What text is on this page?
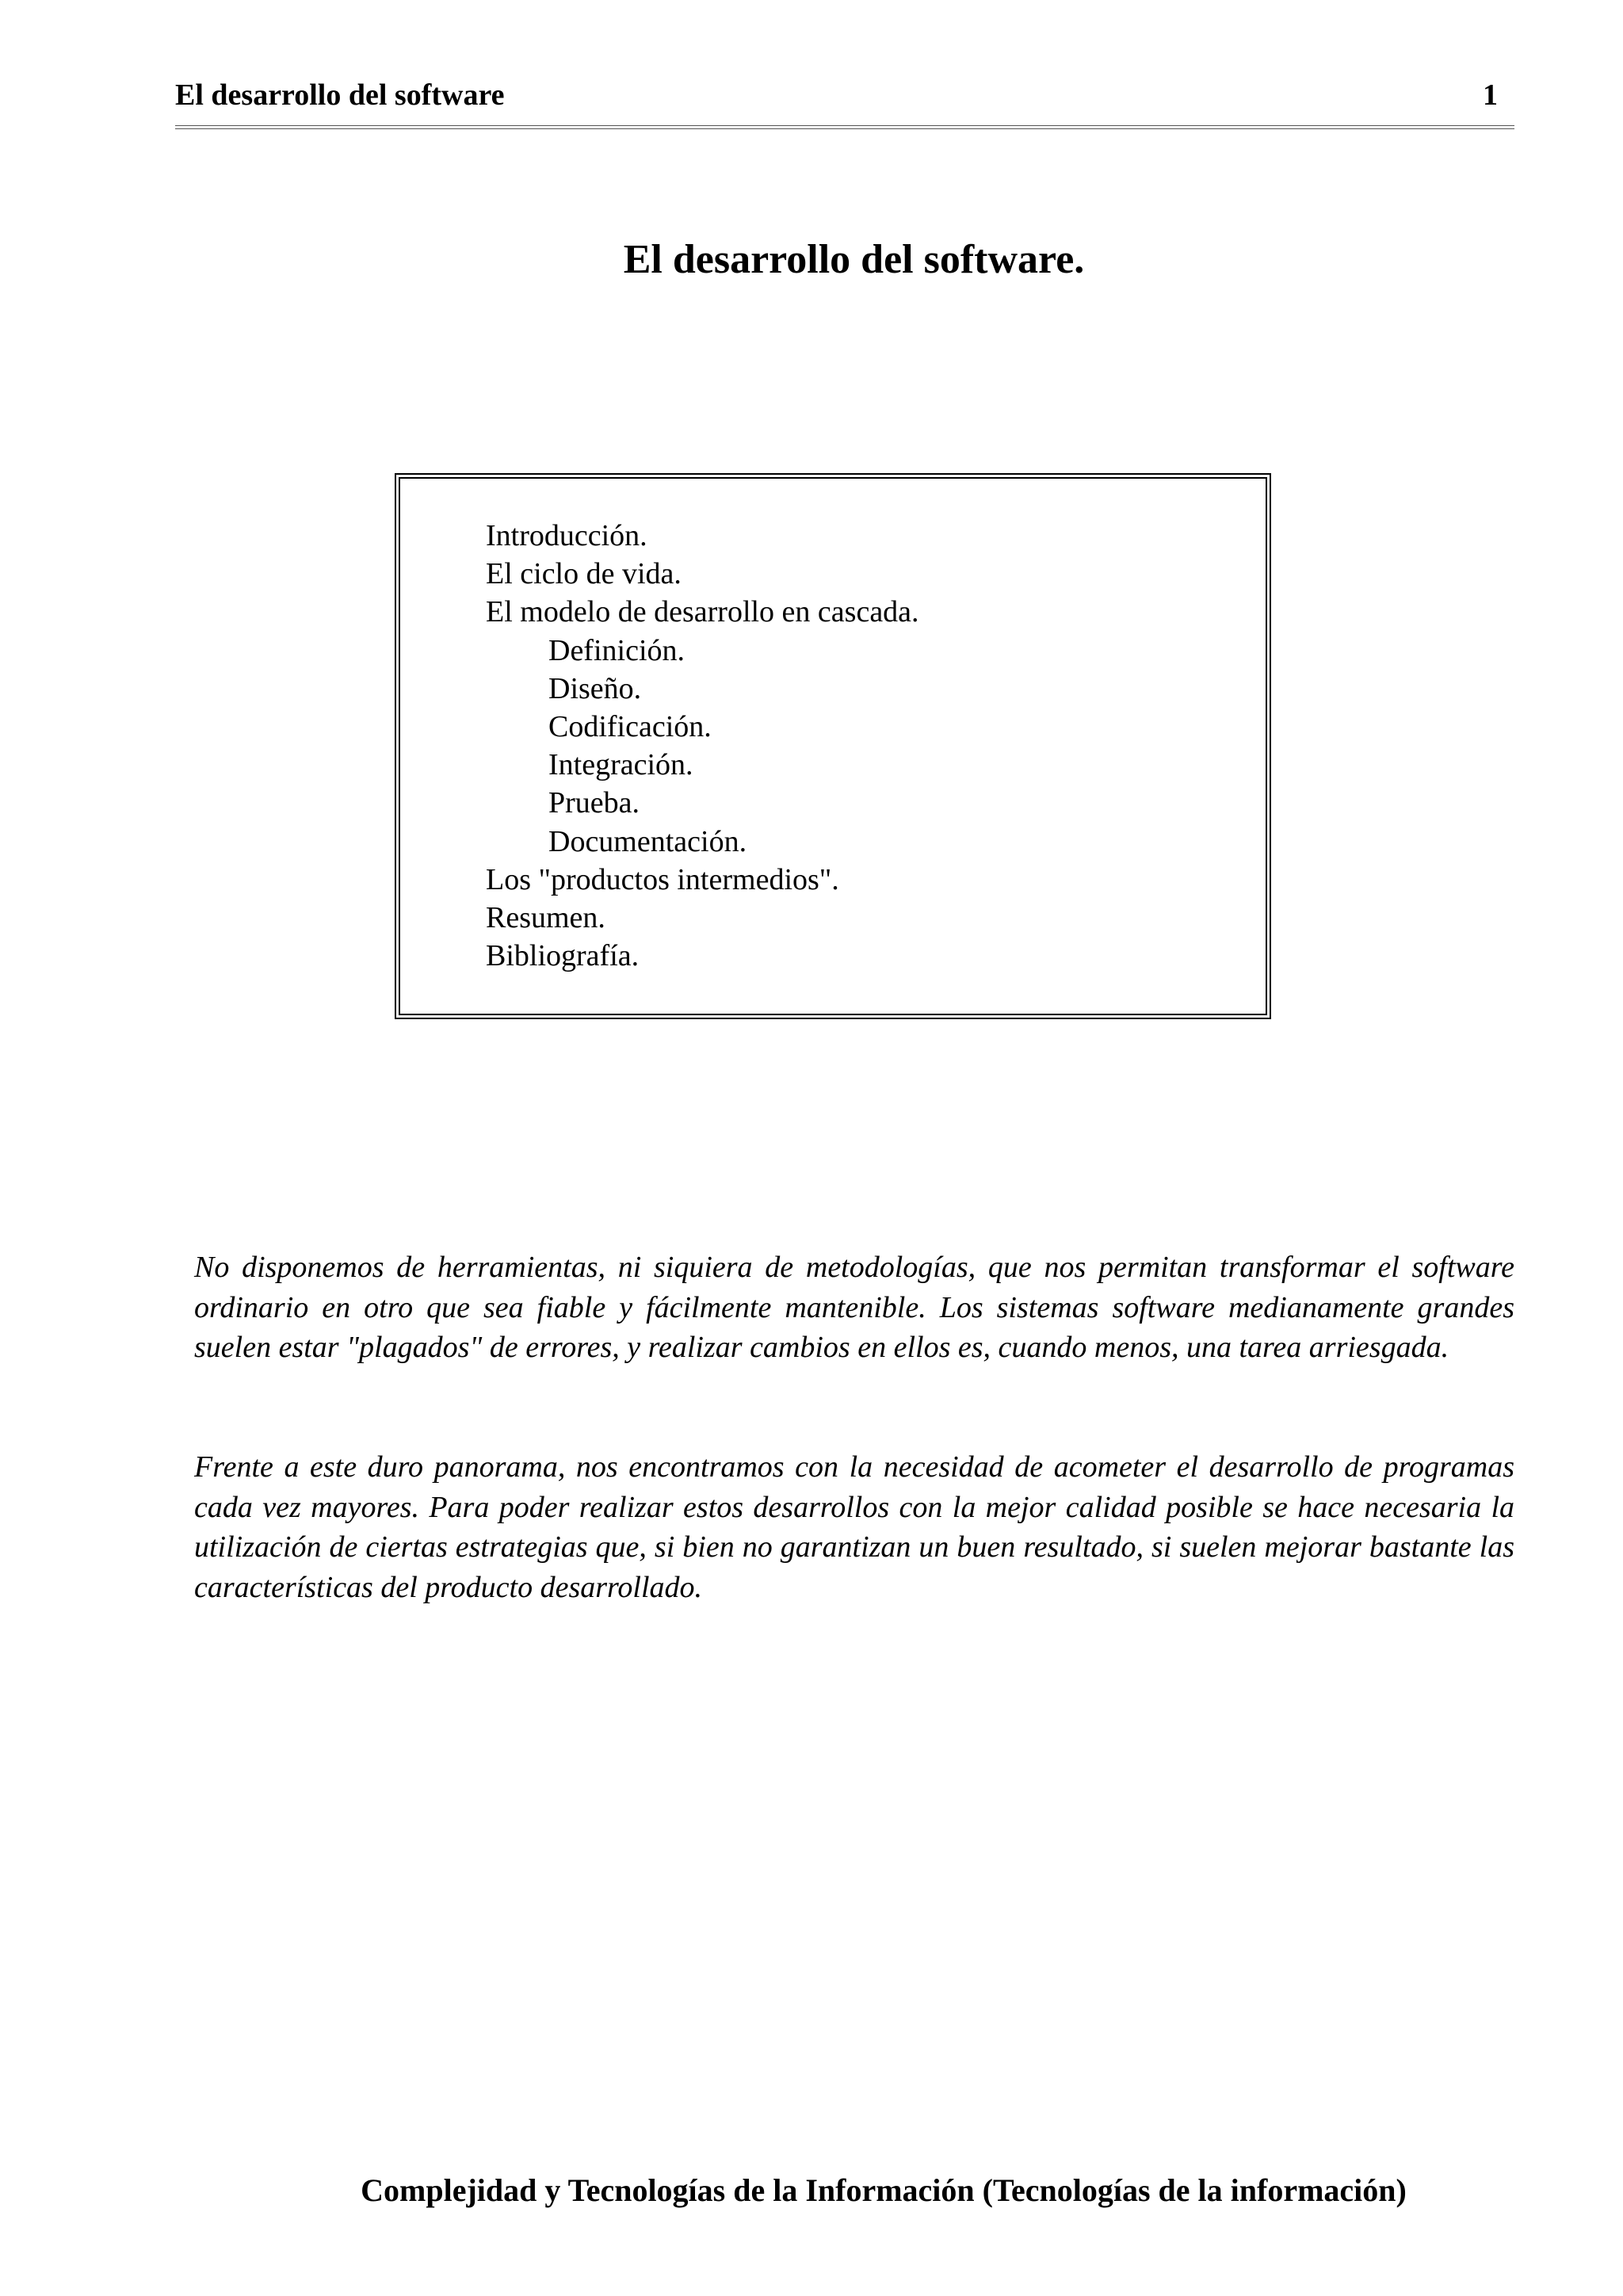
El desarrollo del software	1
El desarrollo del software.
Introducción.
El ciclo de vida.
El modelo de desarrollo en cascada.
Definición.
Diseño.
Codificación.
Integración.
Prueba.
Documentación.
Los "productos intermedios".
Resumen.
Bibliografía.

No disponemos de herramientas, ni siquiera de metodologías, que nos permitan transformar el software ordinario en otro que sea fiable y fácilmente mantenible. Los sistemas software medianamente grandes suelen estar "plagados" de errores, y realizar cambios en ellos es, cuando menos, una tarea arriesgada.

Frente a este duro panorama, nos encontramos con la necesidad de acometer el desarrollo de programas cada vez mayores. Para poder realizar estos desarrollos con la mejor calidad posible se hace necesaria la utilización de ciertas estrategias que, si bien no garantizan un buen resultado, si suelen mejorar bastante las características del producto desarrollado.

Complejidad y Tecnologías de la Información (Tecnologías de la información)
